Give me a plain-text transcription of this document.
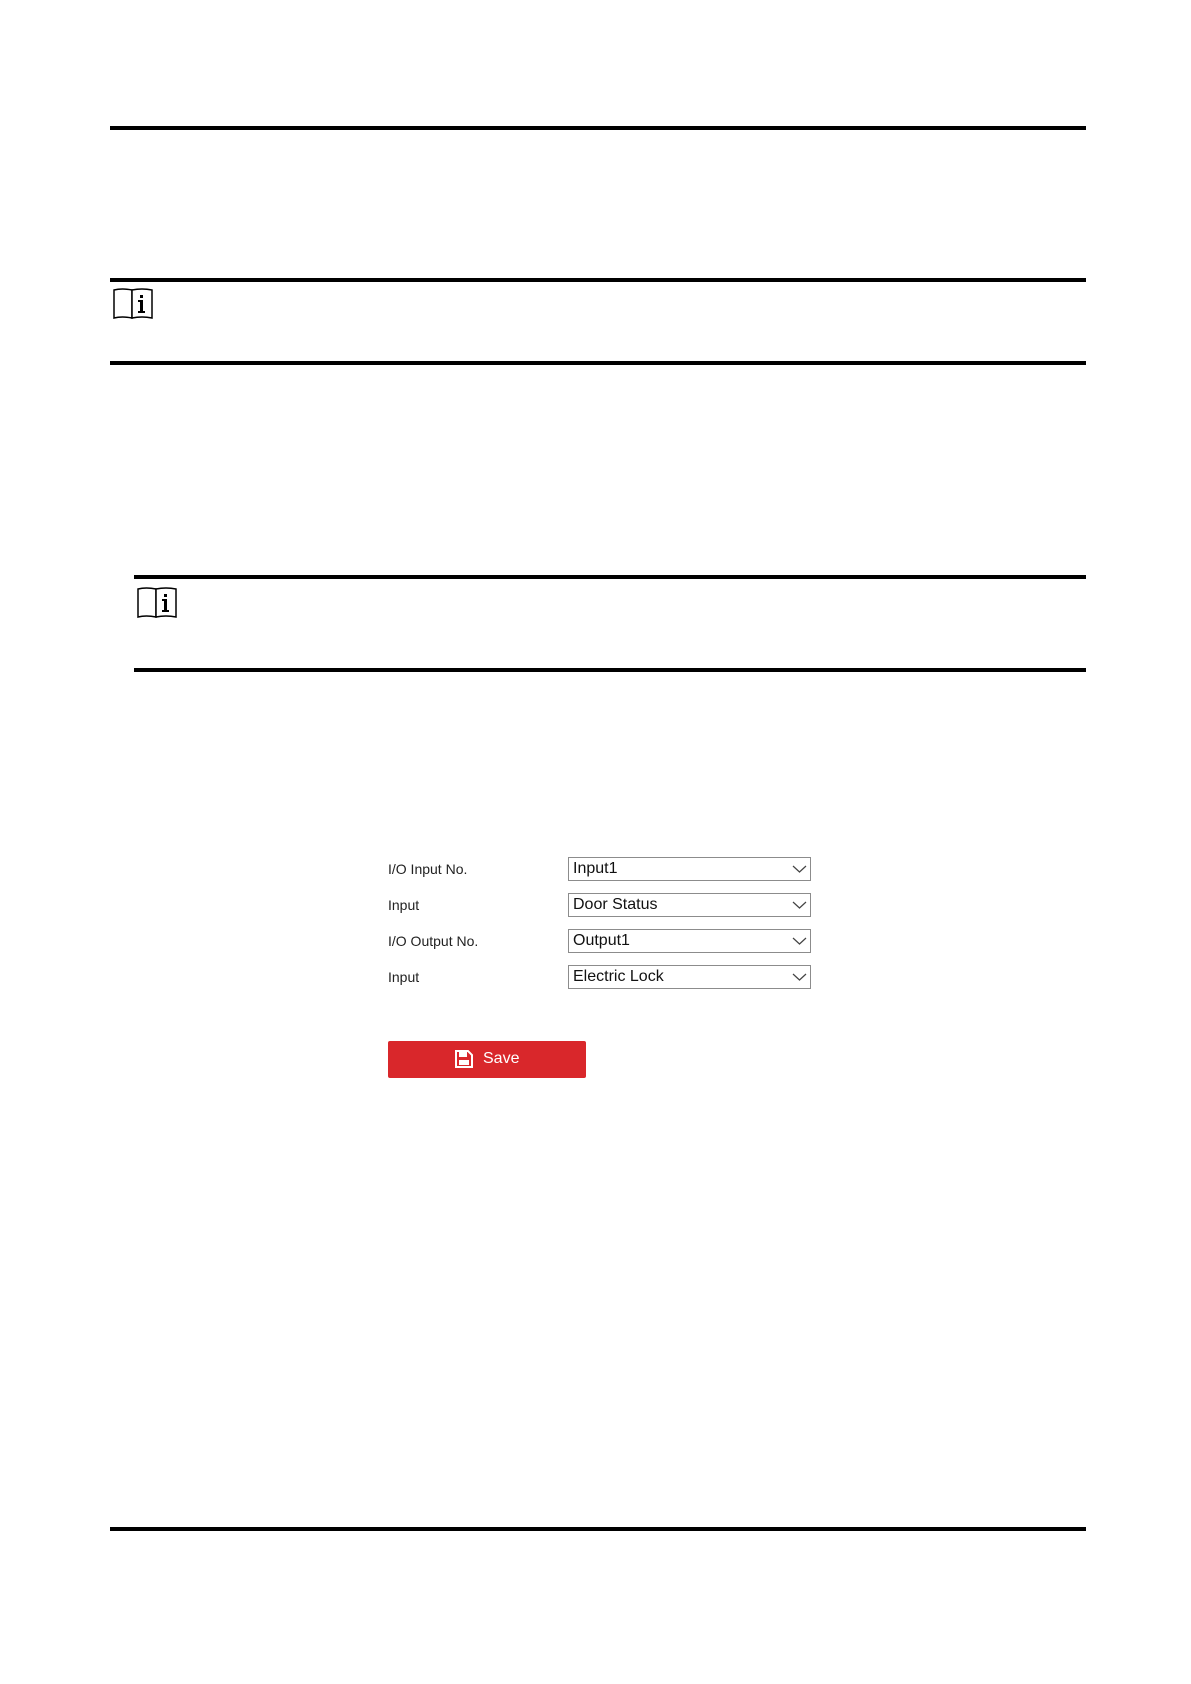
I/O Input No.	Input1
Input	Door Status
I/O Output No.	Output1
Input	Electric Lock
Save
